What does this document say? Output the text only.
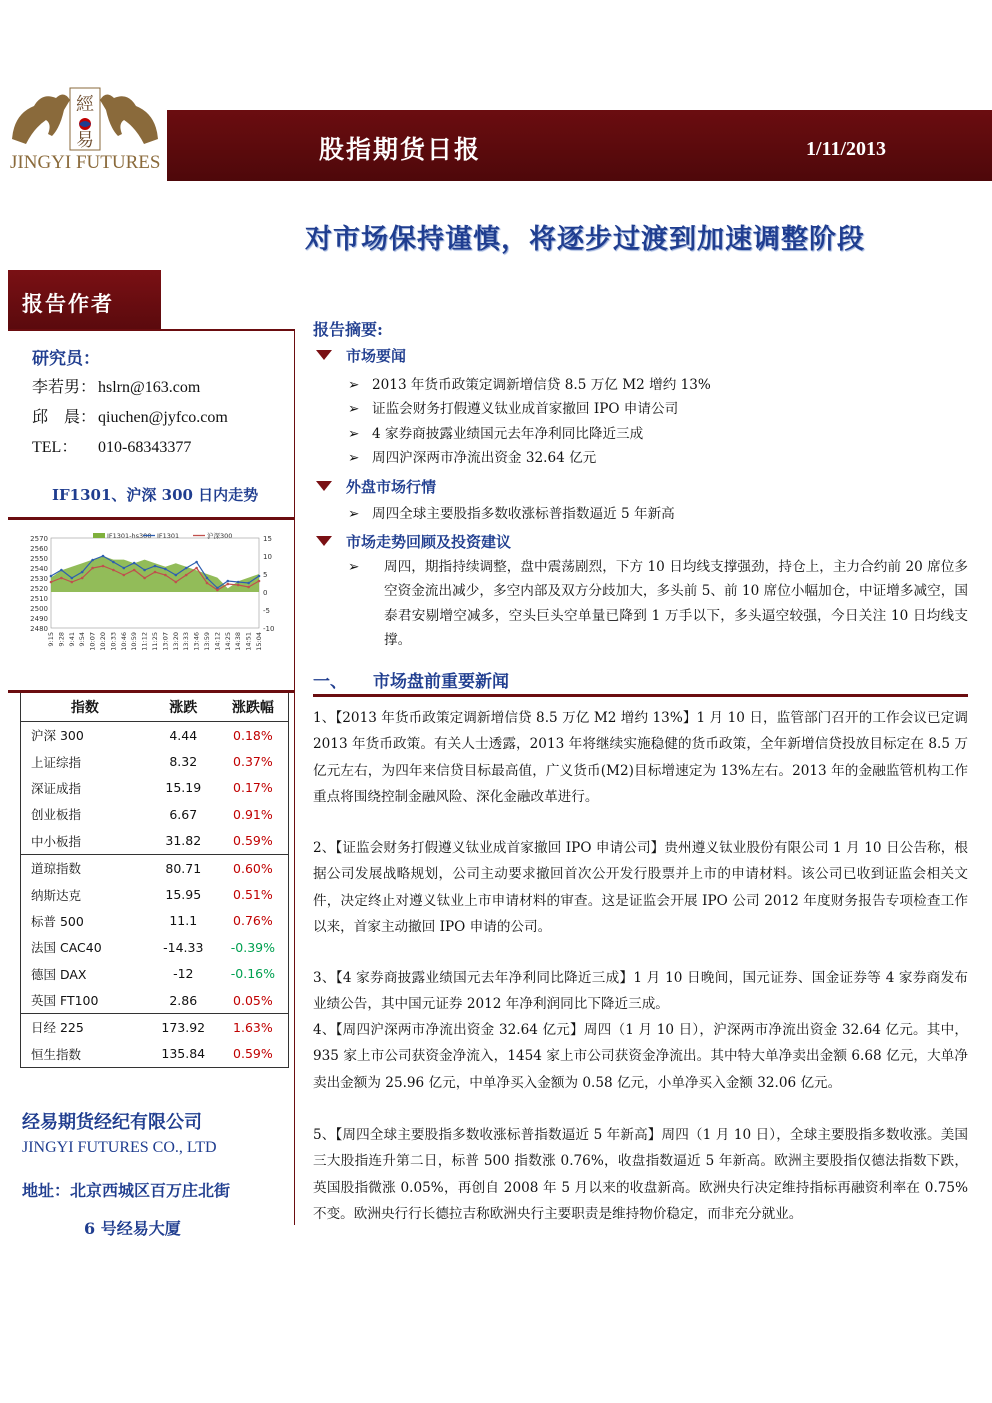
經
易
JINGYI FUTURES	股指期货日报	1/11/2013
对市场保持谨慎，将逐步过渡到加速调整阶段
报告作者
研究员：
李若男： hslrn@163.com
邱　晨： qiuchen@jyfco.com
TEL： 010-68343377
IF1301、沪深 300 日内走势
2570
2560
2550
2540
2530
2520
2510
2500
2490
2480
15
10
5
0
-5
-10
9:15 9:28 9:41 9:54 10:07 10:20 10:33 10:46 10:59 11:12 11:25 13:07 13:20 13:33 13:46 13:59 14:12 14:25 14:38 14:51 15:04
IF1301-hs300 IF1301	沪深300
指数	涨跌	涨跌幅
沪深 300	4.44	0.18%
上证综指	8.32	0.37%
深证成指	15.19	0.17%
创业板指	6.67	0.91%
中小板指	31.82	0.59%
道琼指数	80.71	0.60%
纳斯达克	15.95	0.51%
标普 500	11.1	0.76%
法国 CAC40	-14.33	-0.39%
德国 DAX	-12	-0.16%
英国 FT100	2.86	0.05%
日经 225	173.92	1.63%
恒生指数	135.84	0.59%
经易期货经纪有限公司
JINGYI FUTURES CO., LTD
地址：北京西城区百万庄北街
6 号经易大厦
报告摘要:
市场要闻
➢ 2013 年货币政策定调新增信贷 8.5 万亿 M2 增约 13%
➢ 证监会财务打假遵义钛业成首家撤回 IPO 申请公司
➢ 4 家券商披露业绩国元去年净利同比降近三成
➢ 周四沪深两市净流出资金 32.64 亿元
外盘市场行情
➢ 周四全球主要股指多数收涨标普指数逼近 5 年新高
市场走势回顾及投资建议
➢ 周四，期指持续调整，盘中震荡剧烈，下方 10 日均线支撑强劲，持仓上，主力合约前 20 席位多空资金流出减少，多空内部及双方分歧加大，多头前 5、前 10 席位小幅加仓，中证增多减空，国泰君安剔增空减多，空头巨头空单量已降到 1 万手以下，多头逼空较强，今日关注 10 日均线支撑。
一、 市场盘前重要新闻

1、【2013 年货币政策定调新增信贷 8.5 万亿 M2 增约 13%】1 月 10 日，监管部门召开的工作会议已定调 2013 年货币政策。有关人士透露，2013 年将继续实施稳健的货币政策，全年新增信贷投放目标定在 8.5 万亿元左右，为四年来信贷目标最高值，广义货币(M2)目标增速定为 13%左右。2013 年的金融监管机构工作重点将围绕控制金融风险、深化金融改革进行。

2、【证监会财务打假遵义钛业成首家撤回 IPO 申请公司】贵州遵义钛业股份有限公司 1 月 10 日公告称，根据公司发展战略规划，公司主动要求撤回首次公开发行股票并上市的申请材料。该公司已收到证监会相关文件，决定终止对遵义钛业上市申请材料的审查。这是证监会开展 IPO 公司 2012 年度财务报告专项检查工作以来，首家主动撤回 IPO 申请的公司。

3、【4 家券商披露业绩国元去年净利同比降近三成】1 月 10 日晚间，国元证券、国金证券等 4 家券商发布业绩公告，其中国元证券 2012 年净利润同比下降近三成。

4、【周四沪深两市净流出资金 32.64 亿元】周四（1 月 10 日），沪深两市净流出资金 32.64 亿元。其中，935 家上市公司获资金净流入，1454 家上市公司获资金净流出。其中特大单净卖出金额 6.68 亿元，大单净卖出金额为 25.96 亿元，中单净买入金额为 0.58 亿元，小单净买入金额 32.06 亿元。

5、【周四全球主要股指多数收涨标普指数逼近 5 年新高】周四（1 月 10 日），全球主要股指多数收涨。美国三大股指连升第二日，标普 500 指数涨 0.76%，收盘指数逼近 5 年新高。欧洲主要股指仅德法指数下跌，英国股指微涨 0.05%，再创自 2008 年 5 月以来的收盘新高。欧洲央行决定维持指标再融资利率在 0.75%不变。欧洲央行行长德拉吉称欧洲央行主要职责是维持物价稳定，而非充分就业。
